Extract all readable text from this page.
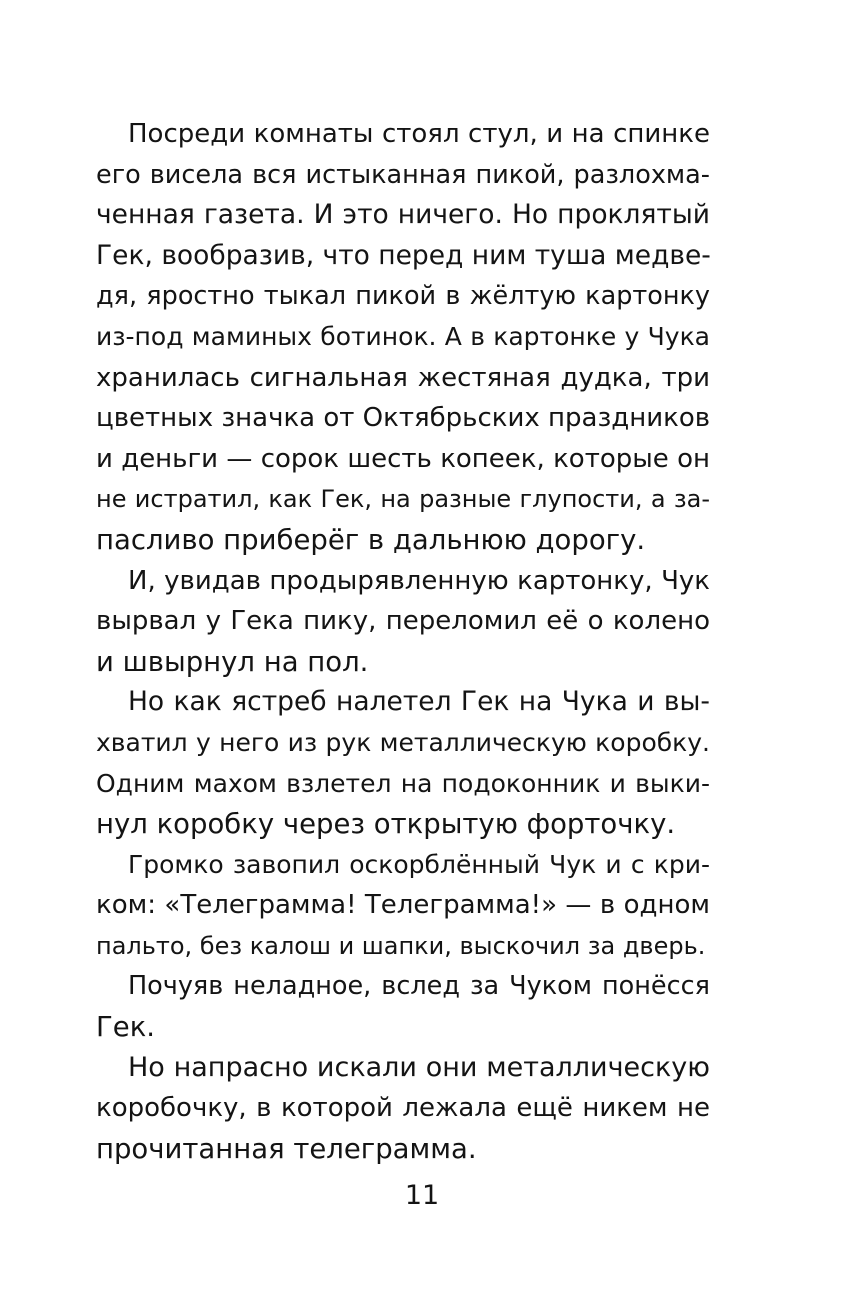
Посреди комнаты стоял стул, и на спинке
его висела вся истыканная пикой, разлохма-
ченная газета. И это ничего. Но проклятый
Гек, вообразив, что перед ним туша медве-
дя, яростно тыкал пикой в жёлтую картонку
из-под маминых ботинок. А в картонке у Чука
хранилась сигнальная жестяная дудка, три
цветных значка от Октябрьских праздников
и деньги — сорок шесть копеек, которые он
не истратил, как Гек, на разные глупости, а за-
пасливо приберёг в дальнюю дорогу.
И, увидав продырявленную картонку, Чук
вырвал у Гека пику, переломил её о колено
и швырнул на пол.
Но как ястреб налетел Гек на Чука и вы-
хватил у него из рук металлическую коробку.
Одним махом взлетел на подоконник и выки-
нул коробку через открытую форточку.
Громко завопил оскорблённый Чук и с кри-
ком: «Телеграмма! Телеграмма!» — в одном
пальто, без калош и шапки, выскочил за дверь.
Почуяв неладное, вслед за Чуком понёсся
Гек.
Но напрасно искали они металлическую
коробочку, в которой лежала ещё никем не
прочитанная телеграмма.
11
